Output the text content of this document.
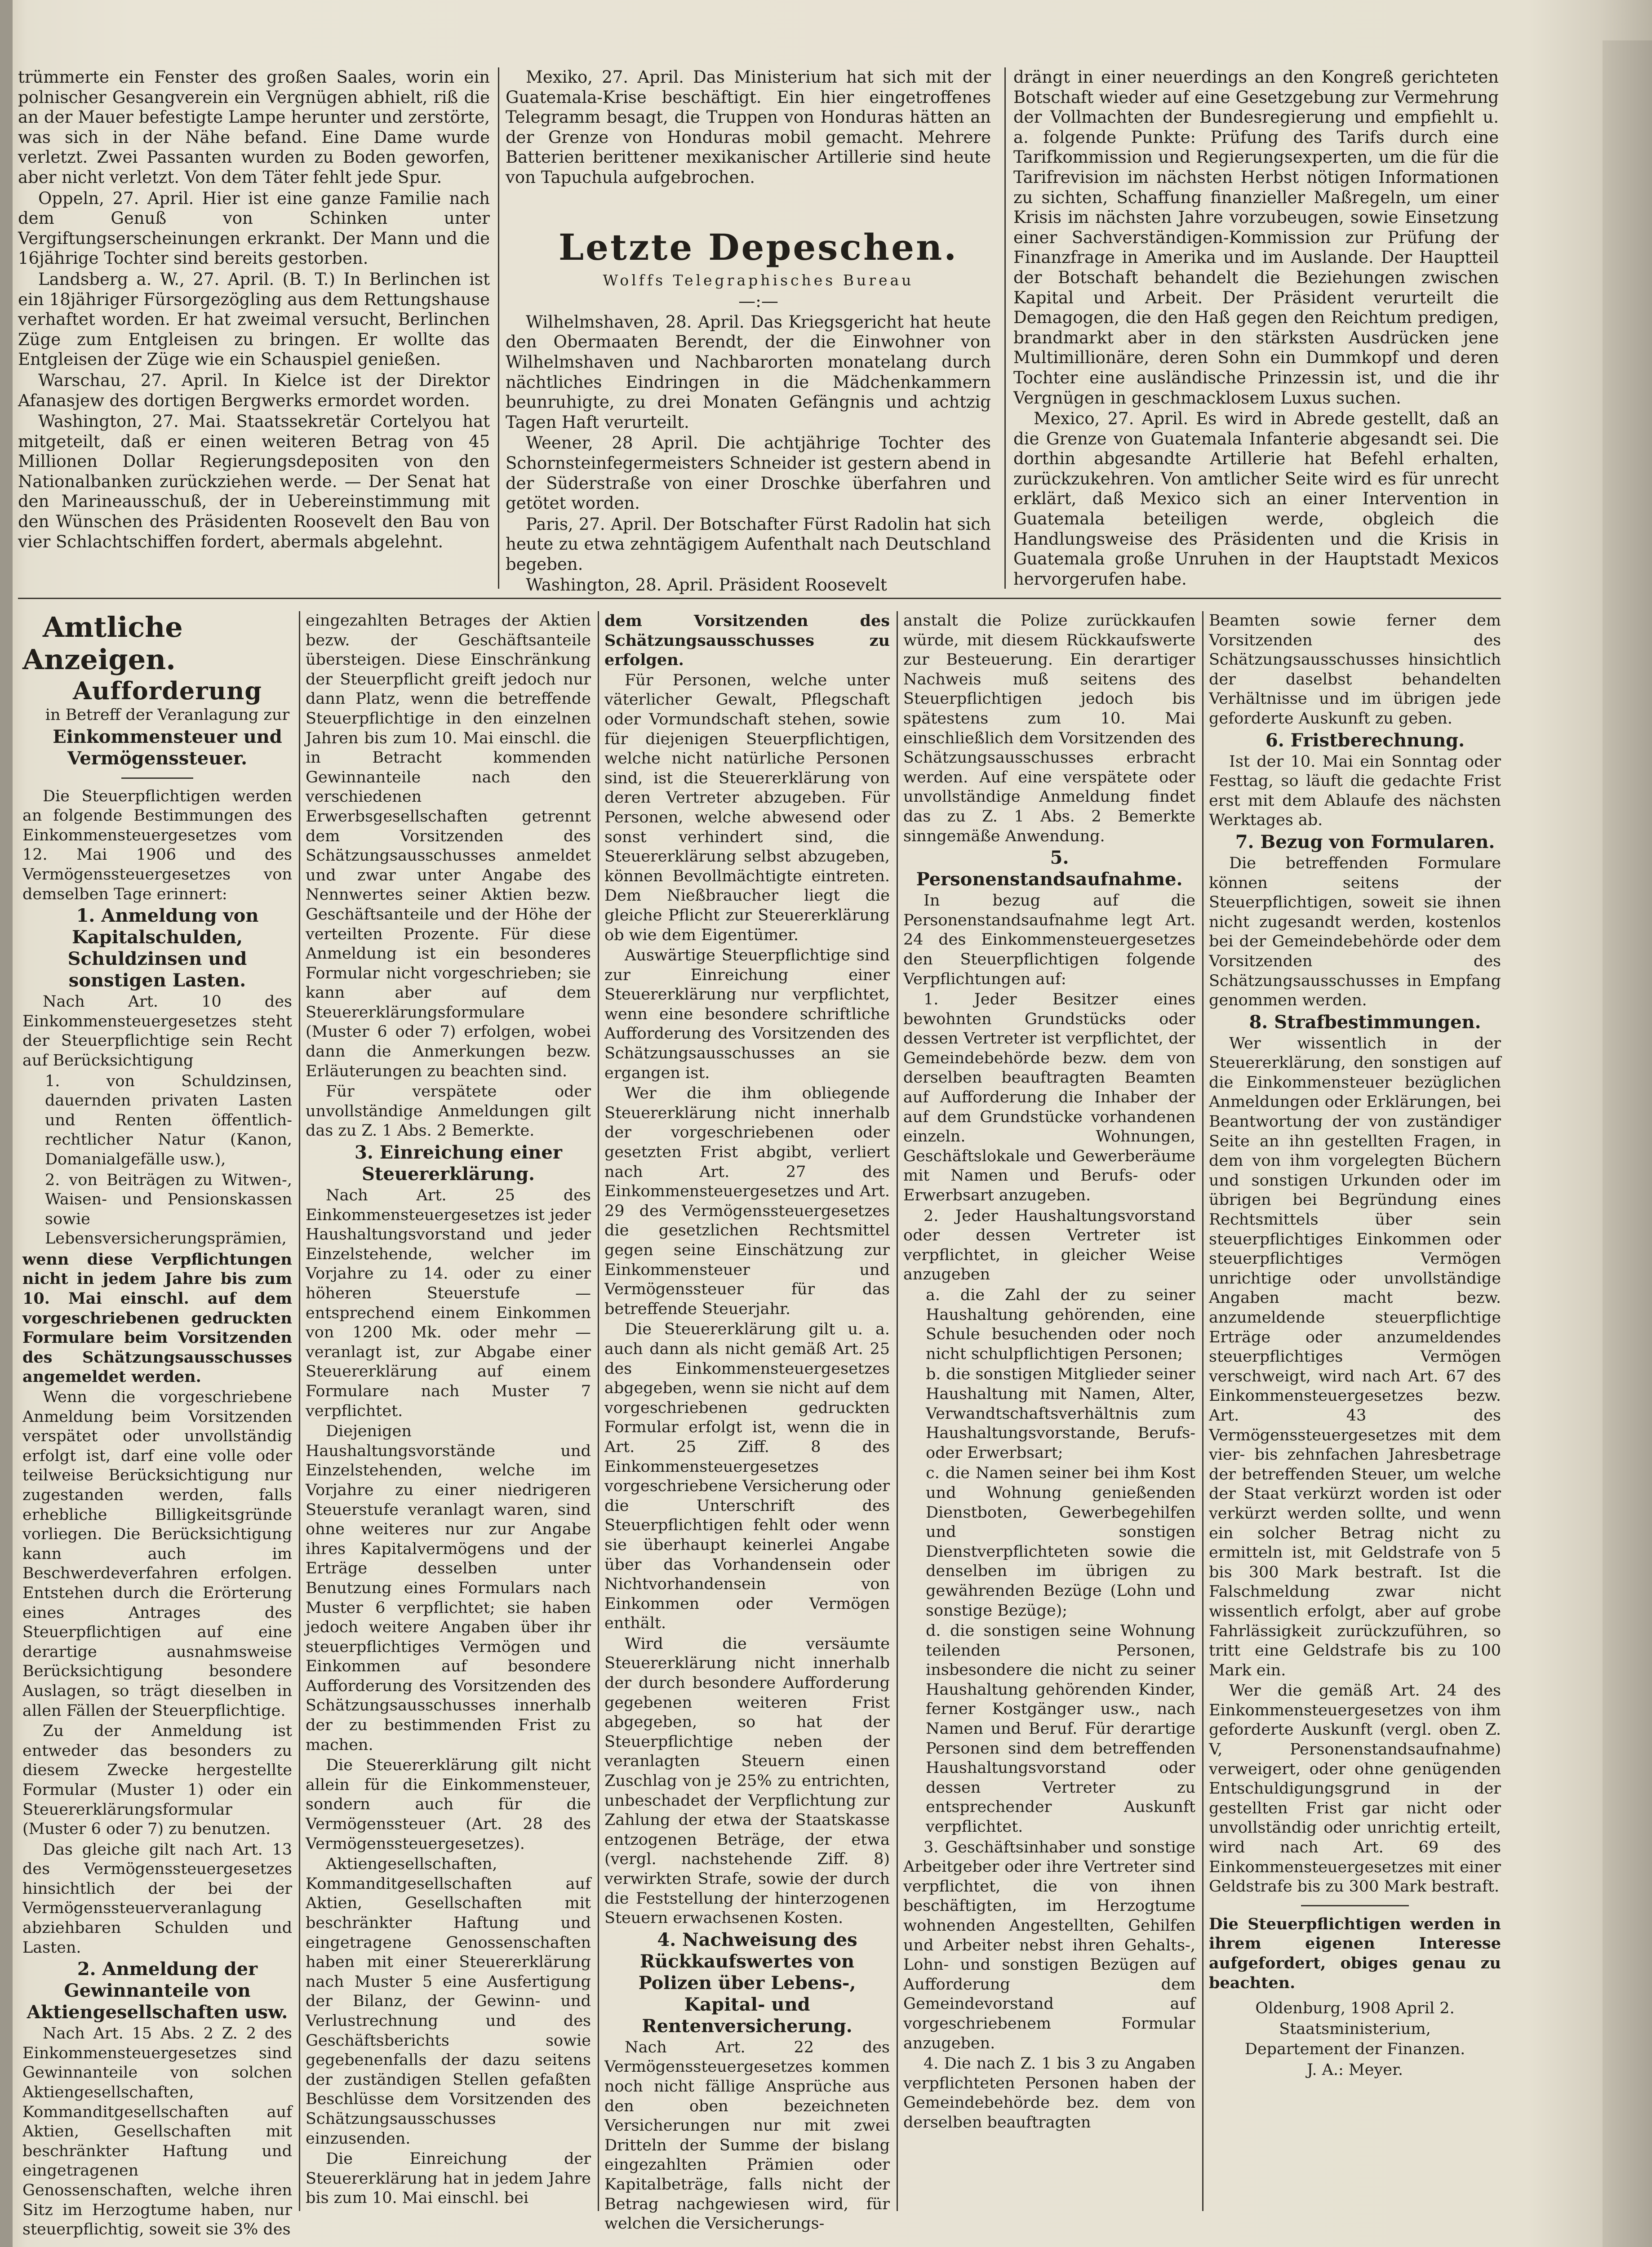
trümmerte ein Fenster des großen Saales, worin ein polnischer Gesangverein ein Vergnügen abhielt, riß die an der Mauer befestigte Lampe herunter und zerstörte, was sich in der Nähe befand. Eine Dame wurde verletzt. Zwei Passanten wurden zu Boden geworfen, aber nicht verletzt. Von dem Täter fehlt jede Spur.

Oppeln, 27. April. Hier ist eine ganze Familie nach dem Genuß von Schinken unter Vergiftungserscheinungen erkrankt. Der Mann und die 16jährige Tochter sind bereits gestorben.

Landsberg a. W., 27. April. (B. T.) In Berlinchen ist ein 18jähriger Fürsorgezögling aus dem Rettungshause verhaftet worden. Er hat zweimal versucht, Berlinchen Züge zum Entgleisen zu bringen. Er wollte das Entgleisen der Züge wie ein Schauspiel genießen.

Warschau, 27. April. In Kielce ist der Direktor Afanasjew des dortigen Bergwerks ermordet worden.

Washington, 27. Mai. Staatssekretär Cortelyou hat mitgeteilt, daß er einen weiteren Betrag von 45 Millionen Dollar Regierungsdepositen von den Nationalbanken zurückziehen werde. — Der Senat hat den Marineausschuß, der in Uebereinstimmung mit den Wünschen des Präsidenten Roosevelt den Bau von vier Schlachtschiffen fordert, abermals abgelehnt.

Mexiko, 27. April. Das Ministerium hat sich mit der Guatemala-Krise beschäftigt. Ein hier eingetroffenes Telegramm besagt, die Truppen von Honduras hätten an der Grenze von Honduras mobil gemacht. Mehrere Batterien berittener mexikanischer Artillerie sind heute von Tapuchula aufgebrochen.

Letzte Depeschen.

Wolffs Telegraphisches Bureau

—:—

Wilhelmshaven, 28. April. Das Kriegsgericht hat heute den Obermaaten Berendt, der die Einwohner von Wilhelmshaven und Nachbarorten monatelang durch nächtliches Eindringen in die Mädchenkammern beunruhigte, zu drei Monaten Gefängnis und achtzig Tagen Haft verurteilt.

Weener, 28 April. Die achtjährige Tochter des Schornsteinfegermeisters Schneider ist gestern abend in der Süderstraße von einer Droschke überfahren und getötet worden.

Paris, 27. April. Der Botschafter Fürst Radolin hat sich heute zu etwa zehntägigem Aufenthalt nach Deutschland begeben.

Washington, 28. April. Präsident Roosevelt

drängt in einer neuerdings an den Kongreß gerichteten Botschaft wieder auf eine Gesetzgebung zur Vermehrung der Vollmachten der Bundesregierung und empfiehlt u. a. folgende Punkte: Prüfung des Tarifs durch eine Tarifkommission und Regierungsexperten, um die für die Tarifrevision im nächsten Herbst nötigen Informationen zu sichten, Schaffung finanzieller Maßregeln, um einer Krisis im nächsten Jahre vorzubeugen, sowie Einsetzung einer Sachverständigen-Kommission zur Prüfung der Finanzfrage in Amerika und im Auslande. Der Hauptteil der Botschaft behandelt die Beziehungen zwischen Kapital und Arbeit. Der Präsident verurteilt die Demagogen, die den Haß gegen den Reichtum predigen, brandmarkt aber in den stärksten Ausdrücken jene Multimillionäre, deren Sohn ein Dummkopf und deren Tochter eine ausländische Prinzessin ist, und die ihr Vergnügen in geschmacklosem Luxus suchen.

Mexico, 27. April. Es wird in Abrede gestellt, daß an die Grenze von Guatemala Infanterie abgesandt sei. Die dorthin abgesandte Artillerie hat Befehl erhalten, zurückzukehren. Von amtlicher Seite wird es für unrecht erklärt, daß Mexico sich an einer Intervention in Guatemala beteiligen werde, obgleich die Handlungsweise des Präsidenten und die Krisis in Guatemala große Unruhen in der Hauptstadt Mexicos hervorgerufen habe.

Amtliche Anzeigen.

Aufforderung

in Betreff der Veranlagung zur

Einkommensteuer und Vermögenssteuer.

Die Steuerpflichtigen werden an folgende Bestimmungen des Einkommensteuergesetzes vom 12. Mai 1906 und des Vermögenssteuergesetzes von demselben Tage erinnert:

1. Anmeldung von Kapitalschulden, Schuldzinsen und sonstigen Lasten.

Nach Art. 10 des Einkommensteuergesetzes steht der Steuerpflichtige sein Recht auf Berücksichtigung

1. von Schuldzinsen, dauernden privaten Lasten und Renten öffentlich-rechtlicher Natur (Kanon, Domanialgefälle usw.),

2. von Beiträgen zu Witwen-, Waisen- und Pensionskassen sowie Lebensversicherungsprämien,

wenn diese Verpflichtungen nicht in jedem Jahre bis zum 10. Mai einschl. auf dem vorgeschriebenen gedruckten Formulare beim Vorsitzenden des Schätzungsausschusses angemeldet werden.

Wenn die vorgeschriebene Anmeldung beim Vorsitzenden verspätet oder unvollständig erfolgt ist, darf eine volle oder teilweise Berücksichtigung nur zugestanden werden, falls erhebliche Billigkeitsgründe vorliegen. Die Berücksichtigung kann auch im Beschwerdeverfahren erfolgen. Entstehen durch die Erörterung eines Antrages des Steuerpflichtigen auf eine derartige ausnahmsweise Berücksichtigung besondere Auslagen, so trägt dieselben in allen Fällen der Steuerpflichtige.

Zu der Anmeldung ist entweder das besonders zu diesem Zwecke hergestellte Formular (Muster 1) oder ein Steuererklärungsformular (Muster 6 oder 7) zu benutzen.

Das gleiche gilt nach Art. 13 des Vermögenssteuergesetzes hinsichtlich der bei der Vermögenssteuerveranlagung abziehbaren Schulden und Lasten.

2. Anmeldung der Gewinnanteile von Aktiengesellschaften usw.

Nach Art. 15 Abs. 2 Z. 2 des Einkommensteuergesetzes sind Gewinnanteile von solchen Aktiengesellschaften, Kommanditgesellschaften auf Aktien, Gesellschaften mit beschränkter Haftung und eingetragenen Genossenschaften, welche ihren Sitz im Herzogtume haben, nur steuerpflichtig, soweit sie 3% des

eingezahlten Betrages der Aktien bezw. der Geschäftsanteile übersteigen. Diese Einschränkung der Steuerpflicht greift jedoch nur dann Platz, wenn die betreffende Steuerpflichtige in den einzelnen Jahren bis zum 10. Mai einschl. die in Betracht kommenden Gewinnanteile nach den verschiedenen Erwerbsgesellschaften getrennt dem Vorsitzenden des Schätzungsausschusses anmeldet und zwar unter Angabe des Nennwertes seiner Aktien bezw. Geschäftsanteile und der Höhe der verteilten Prozente. Für diese Anmeldung ist ein besonderes Formular nicht vorgeschrieben; sie kann aber auf dem Steuererklärungsformulare (Muster 6 oder 7) erfolgen, wobei dann die Anmerkungen bezw. Erläuterungen zu beachten sind.

Für verspätete oder unvollständige Anmeldungen gilt das zu Z. 1 Abs. 2 Bemerkte.

3. Einreichung einer Steuererklärung.

Nach Art. 25 des Einkommensteuergesetzes ist jeder Haushaltungsvorstand und jeder Einzelstehende, welcher im Vorjahre zu 14. oder zu einer höheren Steuerstufe — entsprechend einem Einkommen von 1200 Mk. oder mehr — veranlagt ist, zur Abgabe einer Steuererklärung auf einem Formulare nach Muster 7 verpflichtet.

Diejenigen Haushaltungsvorstände und Einzelstehenden, welche im Vorjahre zu einer niedrigeren Steuerstufe veranlagt waren, sind ohne weiteres nur zur Angabe ihres Kapitalvermögens und der Erträge desselben unter Benutzung eines Formulars nach Muster 6 verpflichtet; sie haben jedoch weitere Angaben über ihr steuerpflichtiges Vermögen und Einkommen auf besondere Aufforderung des Vorsitzenden des Schätzungsausschusses innerhalb der zu bestimmenden Frist zu machen.

Die Steuererklärung gilt nicht allein für die Einkommensteuer, sondern auch für die Vermögenssteuer (Art. 28 des Vermögenssteuergesetzes).

Aktiengesellschaften, Kommanditgesellschaften auf Aktien, Gesellschaften mit beschränkter Haftung und eingetragene Genossenschaften haben mit einer Steuererklärung nach Muster 5 eine Ausfertigung der Bilanz, der Gewinn- und Verlustrechnung und des Geschäftsberichts sowie gegebenenfalls der dazu seitens der zuständigen Stellen gefaßten Beschlüsse dem Vorsitzenden des Schätzungsausschusses einzusenden.

Die Einreichung der Steuererklärung hat in jedem Jahre bis zum 10. Mai einschl. bei

dem Vorsitzenden des Schätzungsausschusses zu erfolgen.

Für Personen, welche unter väterlicher Gewalt, Pflegschaft oder Vormundschaft stehen, sowie für diejenigen Steuerpflichtigen, welche nicht natürliche Personen sind, ist die Steuererklärung von deren Vertreter abzugeben. Für Personen, welche abwesend oder sonst verhindert sind, die Steuererklärung selbst abzugeben, können Bevollmächtigte eintreten. Dem Nießbraucher liegt die gleiche Pflicht zur Steuererklärung ob wie dem Eigentümer.

Auswärtige Steuerpflichtige sind zur Einreichung einer Steuererklärung nur verpflichtet, wenn eine besondere schriftliche Aufforderung des Vorsitzenden des Schätzungsausschusses an sie ergangen ist.

Wer die ihm obliegende Steuererklärung nicht innerhalb der vorgeschriebenen oder gesetzten Frist abgibt, verliert nach Art. 27 des Einkommensteuergesetzes und Art. 29 des Vermögenssteuergesetzes die gesetzlichen Rechtsmittel gegen seine Einschätzung zur Einkommensteuer und Vermögenssteuer für das betreffende Steuerjahr.

Die Steuererklärung gilt u. a. auch dann als nicht gemäß Art. 25 des Einkommensteuergesetzes abgegeben, wenn sie nicht auf dem vorgeschriebenen gedruckten Formular erfolgt ist, wenn die in Art. 25 Ziff. 8 des Einkommensteuergesetzes vorgeschriebene Versicherung oder die Unterschrift des Steuerpflichtigen fehlt oder wenn sie überhaupt keinerlei Angabe über das Vorhandensein oder Nichtvorhandensein von Einkommen oder Vermögen enthält.

Wird die versäumte Steuererklärung nicht innerhalb der durch besondere Aufforderung gegebenen weiteren Frist abgegeben, so hat der Steuerpflichtige neben der veranlagten Steuern einen Zuschlag von je 25% zu entrichten, unbeschadet der Verpflichtung zur Zahlung der etwa der Staatskasse entzogenen Beträge, der etwa (vergl. nachstehende Ziff. 8) verwirkten Strafe, sowie der durch die Feststellung der hinterzogenen Steuern erwachsenen Kosten.

4. Nachweisung des Rückkaufswertes von Polizen über Lebens-, Kapital- und Rentenversicherung.

Nach Art. 22 des Vermögenssteuergesetzes kommen noch nicht fällige Ansprüche aus den oben bezeichneten Versicherungen nur mit zwei Dritteln der Summe der bislang eingezahlten Prämien oder Kapitalbeträge, falls nicht der Betrag nachgewiesen wird, für welchen die Versicherungs-

anstalt die Polize zurückkaufen würde, mit diesem Rückkaufswerte zur Besteuerung. Ein derartiger Nachweis muß seitens des Steuerpflichtigen jedoch bis spätestens zum 10. Mai einschließlich dem Vorsitzenden des Schätzungsausschusses erbracht werden. Auf eine verspätete oder unvollständige Anmeldung findet das zu Z. 1 Abs. 2 Bemerkte sinngemäße Anwendung.

5. Personenstandsaufnahme.

In bezug auf die Personenstandsaufnahme legt Art. 24 des Einkommensteuergesetzes den Steuerpflichtigen folgende Verpflichtungen auf:

1. Jeder Besitzer eines bewohnten Grundstücks oder dessen Vertreter ist verpflichtet, der Gemeindebehörde bezw. dem von derselben beauftragten Beamten auf Aufforderung die Inhaber der auf dem Grundstücke vorhandenen einzeln. Wohnungen, Geschäftslokale und Gewerberäume mit Namen und Berufs- oder Erwerbsart anzugeben.

2. Jeder Haushaltungsvorstand oder dessen Vertreter ist verpflichtet, in gleicher Weise anzugeben

a. die Zahl der zu seiner Haushaltung gehörenden, eine Schule besuchenden oder noch nicht schulpflichtigen Personen;

b. die sonstigen Mitglieder seiner Haushaltung mit Namen, Alter, Verwandtschaftsverhältnis zum Haushaltungsvorstande, Berufs- oder Erwerbsart;

c. die Namen seiner bei ihm Kost und Wohnung genießenden Dienstboten, Gewerbegehilfen und sonstigen Dienstverpflichteten sowie die denselben im übrigen zu gewährenden Bezüge (Lohn und sonstige Bezüge);

d. die sonstigen seine Wohnung teilenden Personen, insbesondere die nicht zu seiner Haushaltung gehörenden Kinder, ferner Kostgänger usw., nach Namen und Beruf. Für derartige Personen sind dem betreffenden Haushaltungsvorstand oder dessen Vertreter zu entsprechender Auskunft verpflichtet.

3. Geschäftsinhaber und sonstige Arbeitgeber oder ihre Vertreter sind verpflichtet, die von ihnen beschäftigten, im Herzogtume wohnenden Angestellten, Gehilfen und Arbeiter nebst ihren Gehalts-, Lohn- und sonstigen Bezügen auf Aufforderung dem Gemeindevorstand auf vorgeschriebenem Formular anzugeben.

4. Die nach Z. 1 bis 3 zu Angaben verpflichteten Personen haben der Gemeindebehörde bez. dem von derselben beauftragten

Beamten sowie ferner dem Vorsitzenden des Schätzungsausschusses hinsichtlich der daselbst behandelten Verhältnisse und im übrigen jede geforderte Auskunft zu geben.

6. Fristberechnung.

Ist der 10. Mai ein Sonntag oder Festtag, so läuft die gedachte Frist erst mit dem Ablaufe des nächsten Werktages ab.

7. Bezug von Formularen.

Die betreffenden Formulare können seitens der Steuerpflichtigen, soweit sie ihnen nicht zugesandt werden, kostenlos bei der Gemeindebehörde oder dem Vorsitzenden des Schätzungsausschusses in Empfang genommen werden.

8. Strafbestimmungen.

Wer wissentlich in der Steuererklärung, den sonstigen auf die Einkommensteuer bezüglichen Anmeldungen oder Erklärungen, bei Beantwortung der von zuständiger Seite an ihn gestellten Fragen, in dem von ihm vorgelegten Büchern und sonstigen Urkunden oder im übrigen bei Begründung eines Rechtsmittels über sein steuerpflichtiges Einkommen oder steuerpflichtiges Vermögen unrichtige oder unvollständige Angaben macht bezw. anzumeldende steuerpflichtige Erträge oder anzumeldendes steuerpflichtiges Vermögen verschweigt, wird nach Art. 67 des Einkommensteuergesetzes bezw. Art. 43 des Vermögenssteuergesetzes mit dem vier- bis zehnfachen Jahresbetrage der betreffenden Steuer, um welche der Staat verkürzt worden ist oder verkürzt werden sollte, und wenn ein solcher Betrag nicht zu ermitteln ist, mit Geldstrafe von 5 bis 300 Mark bestraft. Ist die Falschmeldung zwar nicht wissentlich erfolgt, aber auf grobe Fahrlässigkeit zurückzuführen, so tritt eine Geldstrafe bis zu 100 Mark ein.

Wer die gemäß Art. 24 des Einkommensteuergesetzes von ihm geforderte Auskunft (vergl. oben Z. V, Personenstandsaufnahme) verweigert, oder ohne genügenden Entschuldigungsgrund in der gestellten Frist gar nicht oder unvollständig oder unrichtig erteilt, wird nach Art. 69 des Einkommensteuergesetzes mit einer Geldstrafe bis zu 300 Mark bestraft.

Die Steuerpflichtigen werden in ihrem eigenen Interesse aufgefordert, obiges genau zu beachten.

Oldenburg, 1908 April 2.

Staatsministerium,

Departement der Finanzen.

J. A.: Meyer.
